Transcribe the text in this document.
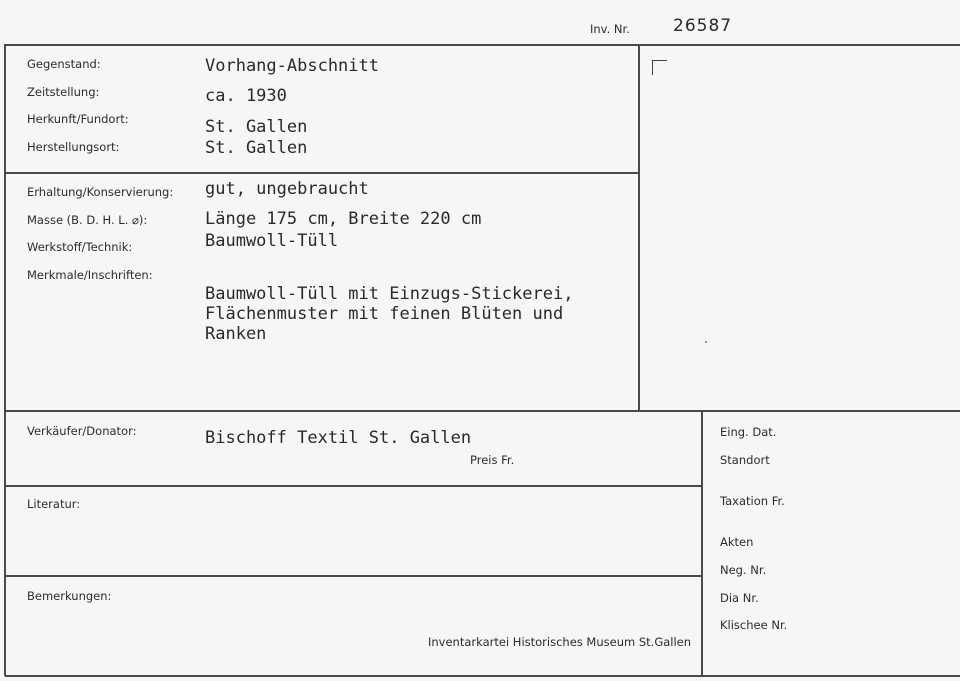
Inv. Nr.	26587
Gegenstand:	Vorhang-Abschnitt
Zeitstellung:	ca. 1930
Herkunft/Fundort:	St. Gallen
Herstellungsort:	St. Gallen
Erhaltung/Konservierung: gut, ungebraucht
Masse (B. D. H. L. ⌀):	Länge 175 cm, Breite 220 cm
Werkstoff/Technik:	Baumwoll-Tüll
Merkmale/Inschriften:
Baumwoll-Tüll mit Einzugs-Stickerei,
Flächenmuster mit feinen Blüten und
Ranken
Verkäufer/Donator:	Bischoff Textil St. Gallen
Preis Fr.
Literatur:
Bemerkungen:
Inventarkartei Historisches Museum St.Gallen
Eing. Dat.
Standort
Taxation Fr.
Akten
Neg. Nr.
Dia Nr.
Klischee Nr.
